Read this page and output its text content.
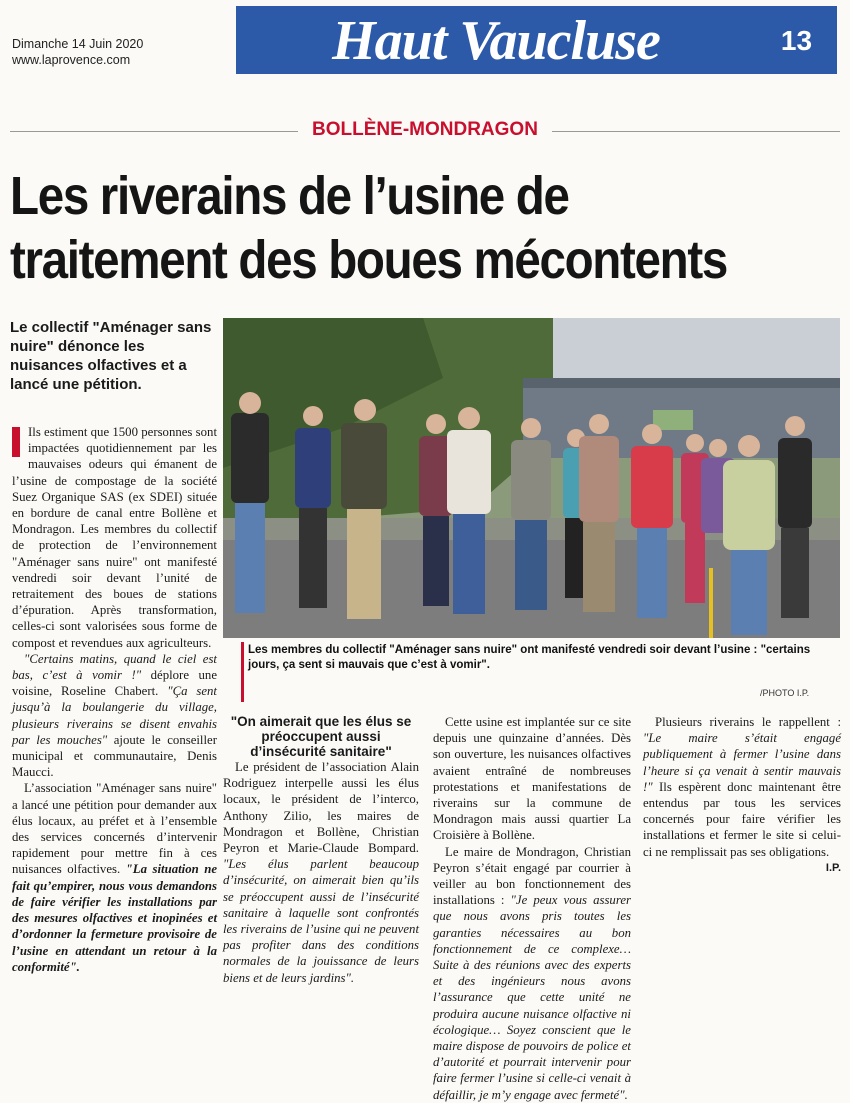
Dimanche 14 Juin 2020
www.laprovence.com	Haut Vaucluse	13
BOLLÈNE-MONDRAGON
Les riverains de l’usine de
traitement des boues mécontents
Le collectif "Aménager sans nuire" dénonce les nuisances olfactives et a lancé une pétition.
Les membres du collectif "Aménager sans nuire" ont manifesté vendredi soir devant l’usine : "certains jours, ça sent si mauvais que c’est à vomir".
/PHOTO I.P.

Ils estiment que 1500 personnes sont impactées quotidiennement par les mauvaises odeurs qui émanent de l’usine de compostage de la société Suez Organique SAS (ex SDEI) située en bordure de canal entre Bollène et Mondragon. Les membres du collectif de protection de l’environnement "Aménager sans nuire" ont manifesté vendredi soir devant l’unité de retraitement des boues de stations d’épuration. Après transformation, celles-ci sont valorisées sous forme de compost et revendues aux agriculteurs.

"Certains matins, quand le ciel est bas, c’est à vomir !" déplore une voisine, Roseline Chabert. "Ça sent jusqu’à la boulangerie du village, plusieurs riverains se disent envahis par les mouches" ajoute le conseiller municipal et communautaire, Denis Maucci.

L’association "Aménager sans nuire" a lancé une pétition pour demander aux élus locaux, au préfet et à l’ensemble des services concernés d’intervenir rapidement pour mettre fin à ces nuisances olfactives. "La situation ne fait qu’empirer, nous vous demandons de faire vérifier les installations par des mesures olfactives et inopinées et d’ordonner la fermeture provisoire de l’usine en attendant un retour à la conformité".

"On aimerait que les élus se préoccupent aussi d’insécurité sanitaire"

Le président de l’association Alain Rodriguez interpelle aussi les élus locaux, le président de l’interco, Anthony Zilio, les maires de Mondragon et Bollène, Christian Peyron et Marie-Claude Bompard. "Les élus parlent beaucoup d’insécurité, on aimerait bien qu’ils se préoccupent aussi de l’insécurité sanitaire à laquelle sont confrontés les riverains de l’usine qui ne peuvent pas profiter dans des conditions normales de la jouissance de leurs biens et de leurs jardins".

Cette usine est implantée sur ce site depuis une quinzaine d’années. Dès son ouverture, les nuisances olfactives avaient entraîné de nombreuses protestations et manifestations de riverains sur la commune de Mondragon mais aussi quartier La Croisière à Bollène.

Le maire de Mondragon, Christian Peyron s’était engagé par courrier à veiller au bon fonctionnement des installations : "Je peux vous assurer que nous avons pris toutes les garanties nécessaires au bon fonctionnement de ce complexe… Suite à des réunions avec des experts et des ingénieurs nous avons l’assurance que cette unité ne produira aucune nuisance olfactive ni écologique… Soyez conscient que le maire dispose de pouvoirs de police et d’autorité et pourrait intervenir pour faire fermer l’usine si celle-ci venait à défaillir, je m’y engage avec fermeté".

Plusieurs riverains le rappellent : "Le maire s’était engagé publiquement à fermer l’usine dans l’heure si ça venait à sentir mauvais !" Ils espèrent donc maintenant être entendus par tous les services concernés pour faire vérifier les installations et fermer le site si celui-ci ne remplissait pas ses obligations.

I.P.
